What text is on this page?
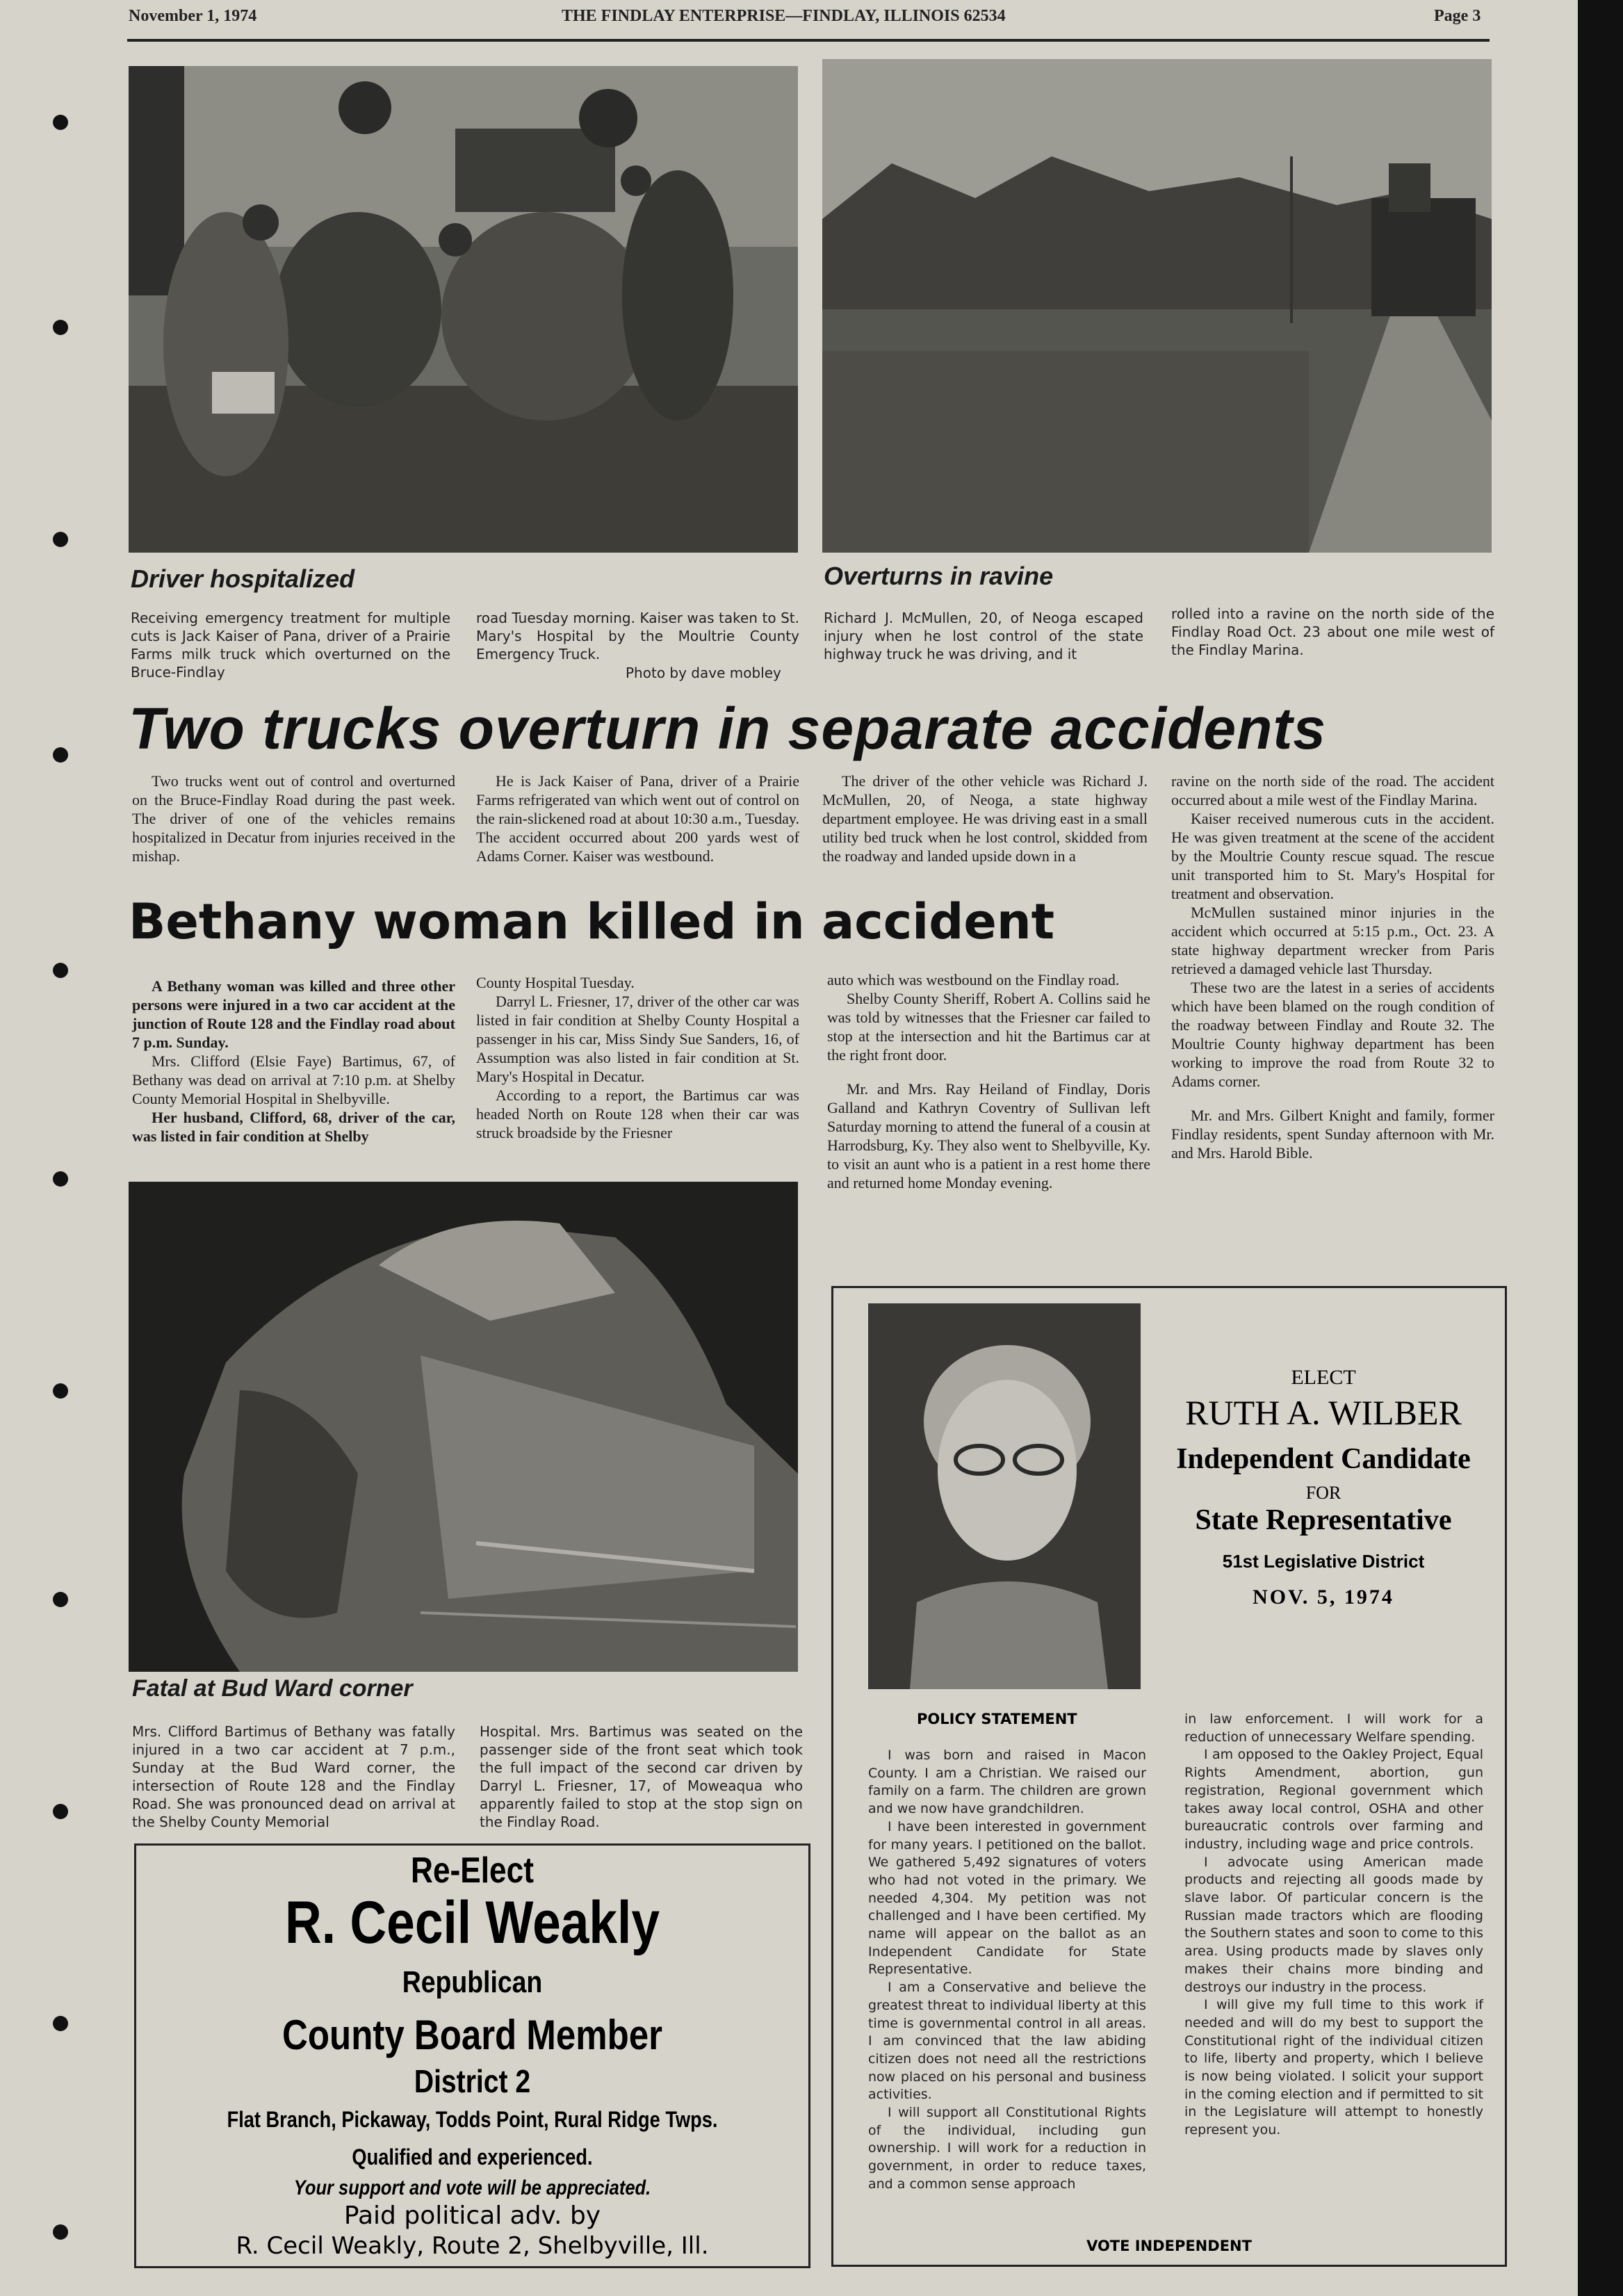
November 1, 1974	THE FINDLAY ENTERPRISE—FINDLAY, ILLINOIS 62534	Page 3
Driver hospitalized	Overturns in ravine
Receiving emergency treatment for multiple cuts is Jack Kaiser of Pana, driver of a Prairie Farms milk truck which overturned on the Bruce-Findlay
road Tuesday morning. Kaiser was taken to St. Mary's Hospital by the Moultrie County Emergency Truck.
Photo by dave mobley
Richard J. McMullen, 20, of Neoga escaped injury when he lost control of the state highway truck he was driving, and it
rolled into a ravine on the north side of the Findlay Road Oct. 23 about one mile west of the Findlay Marina.
Two trucks overturn in separate accidents

Two trucks went out of control and overturned on the Bruce-Findlay Road during the past week. The driver of one of the vehicles remains hospitalized in Decatur from injuries received in the mishap.

He is Jack Kaiser of Pana, driver of a Prairie Farms refrigerated van which went out of control on the rain-slickened road at about 10:30 a.m., Tuesday. The accident occurred about 200 yards west of Adams Corner. Kaiser was westbound.

The driver of the other vehicle was Richard J. McMullen, 20, of Neoga, a state highway department employee. He was driving east in a small utility bed truck when he lost control, skidded from the roadway and landed upside down in a

ravine on the north side of the road. The accident occurred about a mile west of the Findlay Marina.

Kaiser received numerous cuts in the accident. He was given treatment at the scene of the accident by the Moultrie County rescue squad. The rescue unit transported him to St. Mary's Hospital for treatment and observation.

McMullen sustained minor injuries in the accident which occurred at 5:15 p.m., Oct. 23. A state highway department wrecker from Paris retrieved a damaged vehicle last Thursday.

These two are the latest in a series of accidents which have been blamed on the rough condition of the roadway between Findlay and Route 32. The Moultrie County highway department has been working to improve the road from Route 32 to Adams corner.

Mr. and Mrs. Gilbert Knight and family, former Findlay residents, spent Sunday afternoon with Mr. and Mrs. Harold Bible.

Bethany woman killed in accident

A Bethany woman was killed and three other persons were injured in a two car accident at the junction of Route 128 and the Findlay road about 7 p.m. Sunday.

Mrs. Clifford (Elsie Faye) Bartimus, 67, of Bethany was dead on arrival at 7:10 p.m. at Shelby County Memorial Hospital in Shelbyville.

Her husband, Clifford, 68, driver of the car, was listed in fair condition at Shelby

County Hospital Tuesday.

Darryl L. Friesner, 17, driver of the other car was listed in fair condition at Shelby County Hospital a passenger in his car, Miss Sindy Sue Sanders, 16, of Assumption was also listed in fair condition at St. Mary's Hospital in Decatur.

According to a report, the Bartimus car was headed North on Route 128 when their car was struck broadside by the Friesner

auto which was westbound on the Findlay road.

Shelby County Sheriff, Robert A. Collins said he was told by witnesses that the Friesner car failed to stop at the intersection and hit the Bartimus car at the right front door.

Mr. and Mrs. Ray Heiland of Findlay, Doris Galland and Kathryn Coventry of Sullivan left Saturday morning to attend the funeral of a cousin at Harrodsburg, Ky. They also went to Shelbyville, Ky. to visit an aunt who is a patient in a rest home there and returned home Monday evening.

Fatal at Bud Ward corner
Mrs. Clifford Bartimus of Bethany was fatally injured in a two car accident at 7 p.m., Sunday at the Bud Ward corner, the intersection of Route 128 and the Findlay Road. She was pronounced dead on arrival at the Shelby County Memorial
Hospital. Mrs. Bartimus was seated on the passenger side of the front seat which took the full impact of the second car driven by Darryl L. Friesner, 17, of Moweaqua who apparently failed to stop at the stop sign on the Findlay Road.
Re-Elect
R. Cecil Weakly
Republican
County Board Member
District 2
Flat Branch, Pickaway, Todds Point, Rural Ridge Twps.
Qualified and experienced.
Your support and vote will be appreciated.
Paid political adv. by
R. Cecil Weakly, Route 2, Shelbyville, Ill.
ELECT
RUTH A. WILBER
Independent Candidate
FOR
State Representative
51st Legislative District
NOV. 5, 1974
POLICY STATEMENT

I was born and raised in Macon County. I am a Christian. We raised our family on a farm. The children are grown and we now have grandchildren.

I have been interested in government for many years. I petitioned on the ballot. We gathered 5,492 signatures of voters who had not voted in the primary. We needed 4,304. My petition was not challenged and I have been certified. My name will appear on the ballot as an Independent Candidate for State Representative.

I am a Conservative and believe the greatest threat to individual liberty at this time is governmental control in all areas. I am convinced that the law abiding citizen does not need all the restrictions now placed on his personal and business activities.

I will support all Constitutional Rights of the individual, including gun ownership. I will work for a reduction in government, in order to reduce taxes, and a common sense approach

in law enforcement. I will work for a reduction of unnecessary Welfare spending.

I am opposed to the Oakley Project, Equal Rights Amendment, abortion, gun registration, Regional government which takes away local control, OSHA and other bureaucratic controls over farming and industry, including wage and price controls.

I advocate using American made products and rejecting all goods made by slave labor. Of particular concern is the Russian made tractors which are flooding the Southern states and soon to come to this area. Using products made by slaves only makes their chains more binding and destroys our industry in the process.

I will give my full time to this work if needed and will do my best to support the Constitutional right of the individual citizen to life, liberty and property, which I believe is now being violated. I solicit your support in the coming election and if permitted to sit in the Legislature will attempt to honestly represent you.

VOTE INDEPENDENT
